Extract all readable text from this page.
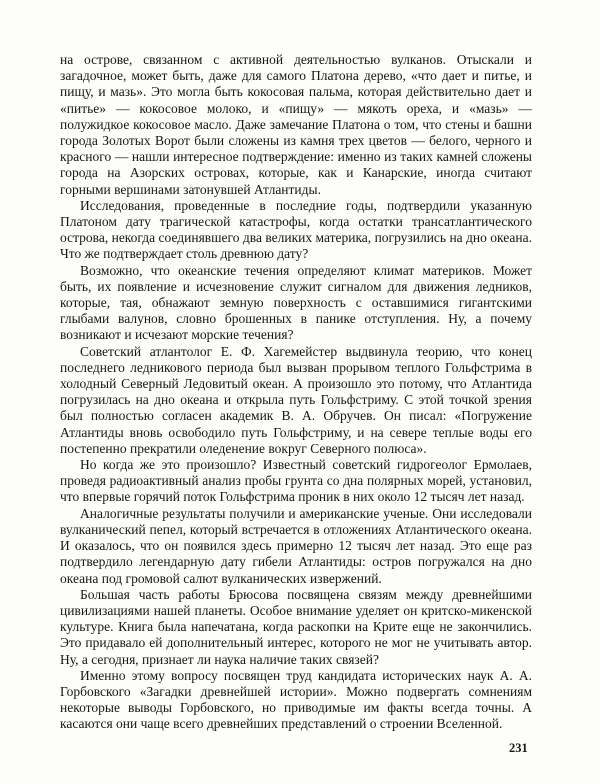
на острове, связанном с активной деятельностью вулканов. Отыскали и загадочное, может быть, даже для самого Платона дерево, «что дает и питье, и пищу, и мазь». Это могла быть кокосовая пальма, которая действительно дает и «питье» — кокосовое молоко, и «пищу» — мякоть ореха, и «мазь» — полужидкое кокосовое масло. Даже замечание Платона о том, что стены и башни города Золотых Ворот были сложены из камня трех цветов — белого, черного и красного — нашли интересное подтверждение: именно из таких камней сложены города на Азорских островах, которые, как и Канарские, иногда считают горными вершинами затонувшей Атлантиды.

Исследования, проведенные в последние годы, подтвердили указанную Платоном дату трагической катастрофы, когда остатки трансатлантического острова, некогда соединявшего два великих материка, погрузились на дно океана. Что же подтверждает столь древнюю дату?

Возможно, что океанские течения определяют климат материков. Может быть, их появление и исчезновение служит сигналом для движения ледников, которые, тая, обнажают земную поверхность с оставшимися гигантскими глыбами валунов, словно брошенных в панике отступления. Ну, а почему возникают и исчезают морские течения?

Советский атлантолог Е. Ф. Хагемейстер выдвинула теорию, что конец последнего ледникового периода был вызван прорывом теплого Гольфстрима в холодный Северный Ледовитый океан. А произошло это потому, что Атлантида погрузилась на дно океана и открыла путь Гольфстриму. С этой точкой зрения был полностью согласен академик В. А. Обручев. Он писал: «Погружение Атлантиды вновь освободило путь Гольфстриму, и на севере теплые воды его постепенно прекратили оледенение вокруг Северного полюса».

Но когда же это произошло? Известный советский гидрогеолог Ермолаев, проведя радиоактивный анализ пробы грунта со дна полярных морей, установил, что впервые горячий поток Гольфстрима проник в них около 12 тысяч лет назад.

Аналогичные результаты получили и американские ученые. Они исследовали вулканический пепел, который встречается в отложениях Атлантического океана. И оказалось, что он появился здесь примерно 12 тысяч лет назад. Это еще раз подтвердило легендарную дату гибели Атлантиды: остров погружался на дно океана под громовой салют вулканических извержений.

Большая часть работы Брюсова посвящена связям между древнейшими цивилизациями нашей планеты. Особое внимание уделяет он критско-микенской культуре. Книга была напечатана, когда раскопки на Крите еще не закончились. Это придавало ей дополнительный интерес, которого не мог не учитывать автор. Ну, а сегодня, признает ли наука наличие таких связей?

Именно этому вопросу посвящен труд кандидата исторических наук А. А. Горбовского «Загадки древнейшей истории». Можно подвергать сомнениям некоторые выводы Горбовского, но приводимые им факты всегда точны. А касаются они чаще всего древнейших представлений о строении Вселенной.

231
